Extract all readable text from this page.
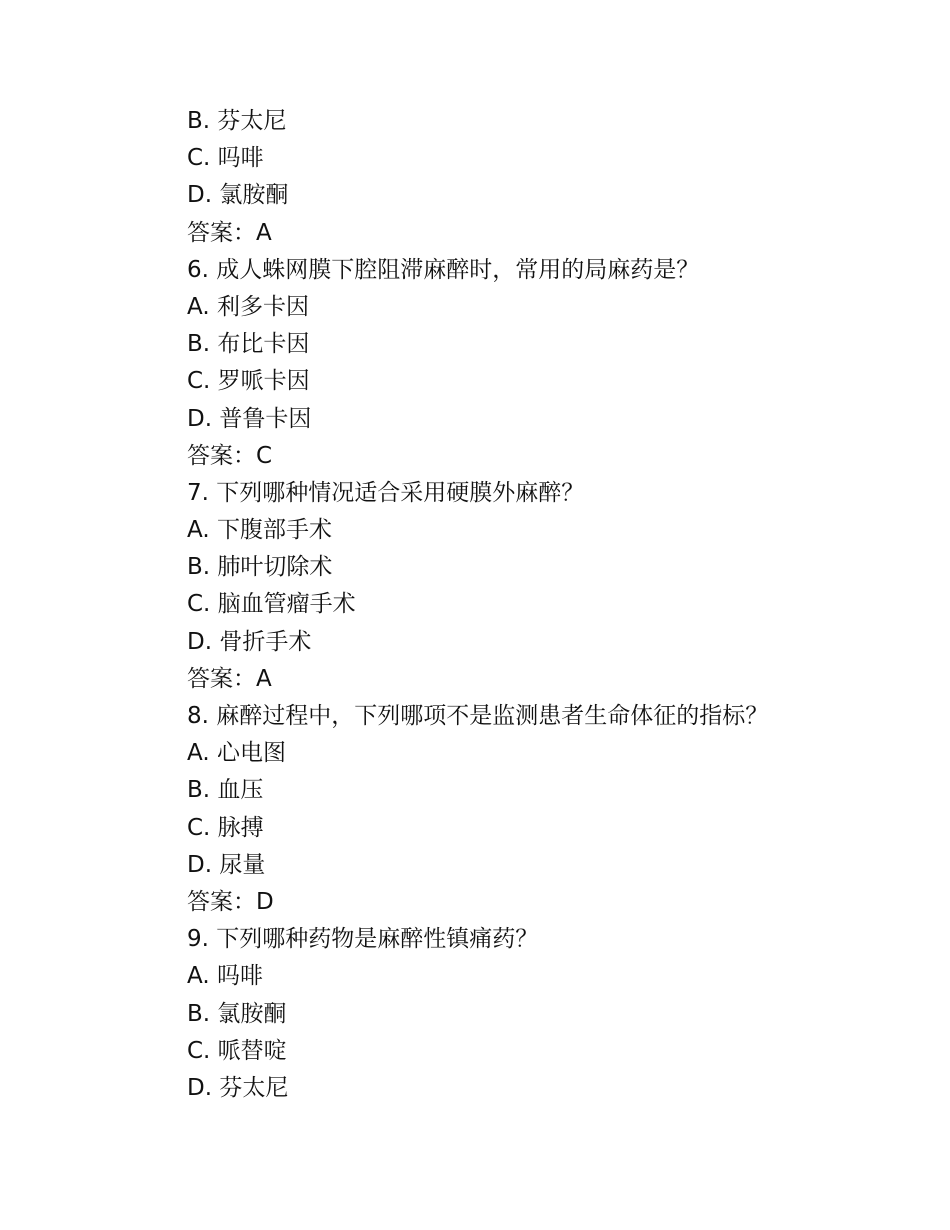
B. 芬太尼
C. 吗啡
D. 氯胺酮
答案：A
6. 成人蛛网膜下腔阻滞麻醉时，常用的局麻药是？
A. 利多卡因
B. 布比卡因
C. 罗哌卡因
D. 普鲁卡因
答案：C
7. 下列哪种情况适合采用硬膜外麻醉？
A. 下腹部手术
B. 肺叶切除术
C. 脑血管瘤手术
D. 骨折手术
答案：A
8. 麻醉过程中，下列哪项不是监测患者生命体征的指标？
A. 心电图
B. 血压
C. 脉搏
D. 尿量
答案：D
9. 下列哪种药物是麻醉性镇痛药？
A. 吗啡
B. 氯胺酮
C. 哌替啶
D. 芬太尼
